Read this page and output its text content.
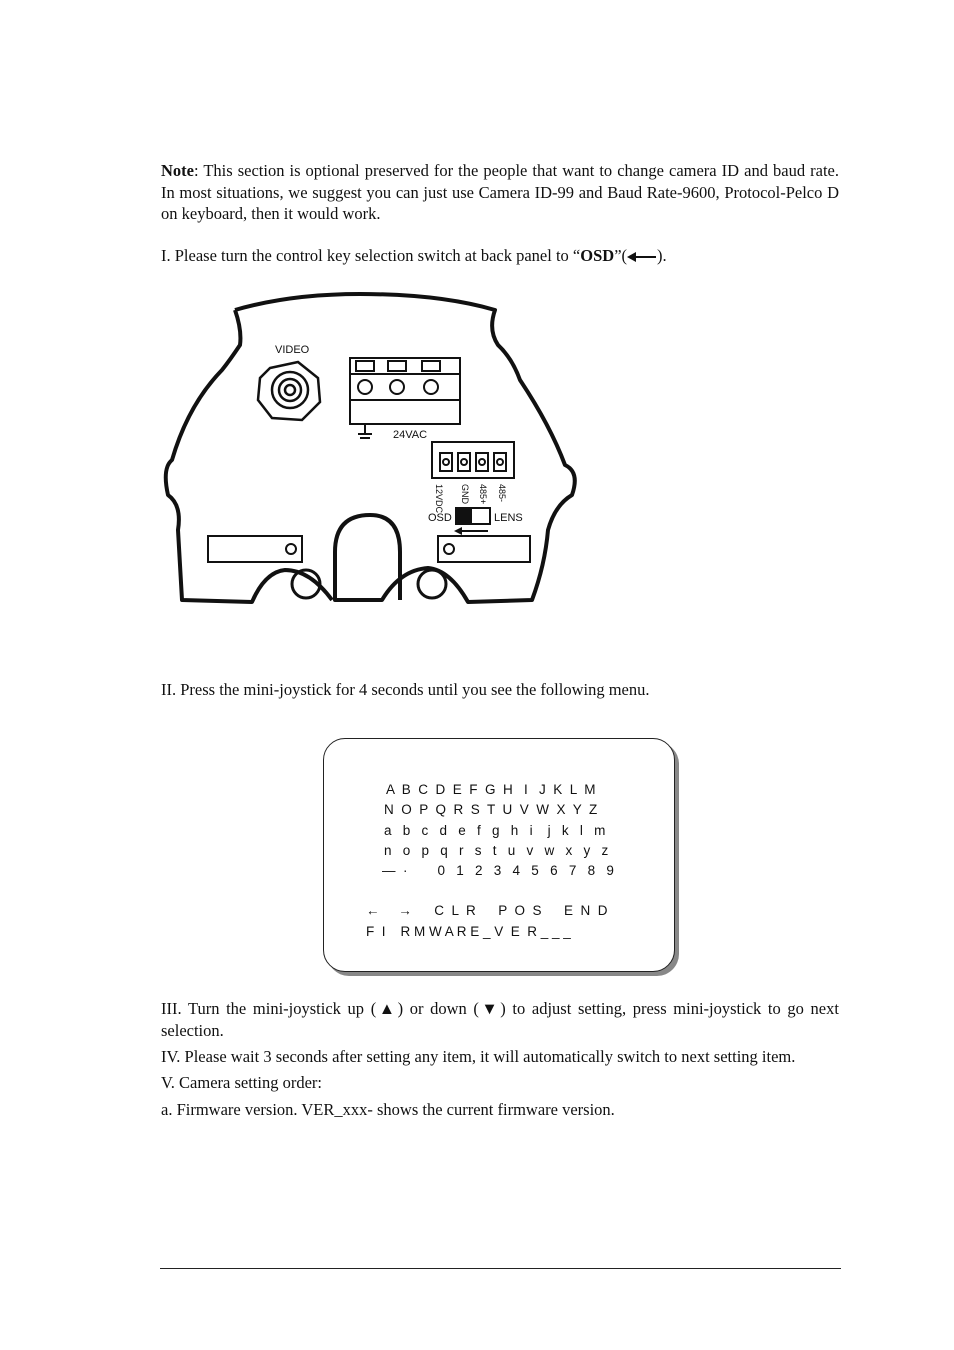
Note: This section is optional preserved for the people that want to change camera ID and baud rate. In most situations, we suggest you can just use Camera ID-99 and Baud Rate-9600, Protocol-Pelco D on keyboard, then it would work.

I. Please turn the control key selection switch at back panel to “OSD”( ).

VIDEO
24VAC
12VDC GND 485+ 485-
OSD	LENS

II. Press the mini-joystick for 4 seconds until you see the following menu.

A  B  C  D  E  F  G  H   I   J  K  L  M
N  O  P  Q  R  S  T  U  V  W  X  Y  Z
a   b   c   d   e   f   g   h   i    j   k   l   m
n   o   p   q   r   s   t   u   v   w   x   y   z
—  ·        0   1   2   3   4   5   6   7   8   9
←     →      C  L  R      P  O  S      E  N  D
F  I    R M W A R E _ V  E  R _ _ _

III. Turn the mini-joystick up (▲) or down (▼) to adjust setting, press mini-joystick to go next selection.

IV. Please wait 3 seconds after setting any item, it will automatically switch to next setting item.

V. Camera setting order:

a. Firmware version. VER_xxx- shows the current firmware version.
